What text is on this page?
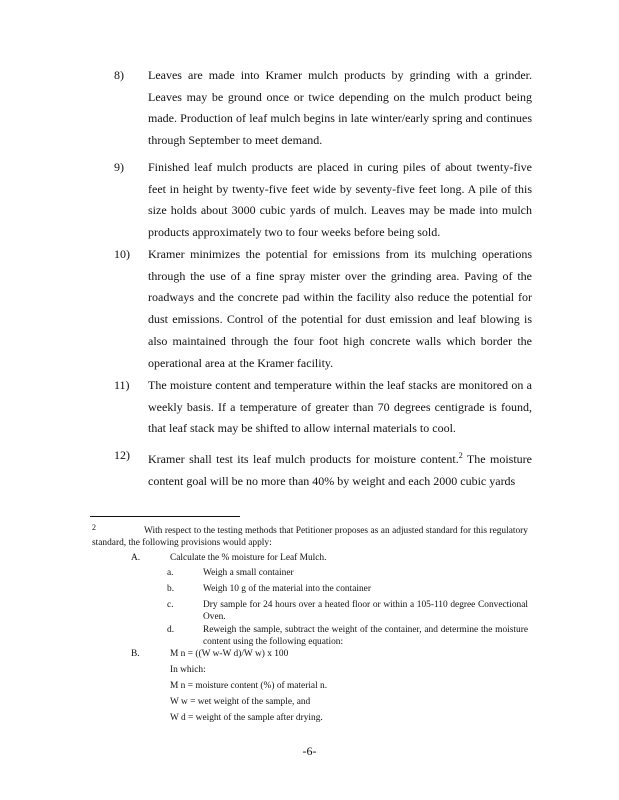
8)	Leaves are made into Kramer mulch products by grinding with a grinder. Leaves may be ground once or twice depending on the mulch product being made. Production of leaf mulch begins in late winter/early spring and continues through September to meet demand.
9)	Finished leaf mulch products are placed in curing piles of about twenty-five feet in height by twenty-five feet wide by seventy-five feet long. A pile of this size holds about 3000 cubic yards of mulch. Leaves may be made into mulch products approximately two to four weeks before being sold.
10)	Kramer minimizes the potential for emissions from its mulching operations through the use of a fine spray mister over the grinding area. Paving of the roadways and the concrete pad within the facility also reduce the potential for dust emissions. Control of the potential for dust emission and leaf blowing is also maintained through the four foot high concrete walls which border the operational area at the Kramer facility.
11)	The moisture content and temperature within the leaf stacks are monitored on a weekly basis. If a temperature of greater than 70 degrees centigrade is found, that leaf stack may be shifted to allow internal materials to cool.
12)	Kramer shall test its leaf mulch products for moisture content.$^2$ The moisture content goal will be no more than 40% by weight and each 2000 cubic yards
2	With respect to the testing methods that Petitioner proposes as an adjusted standard for this regulatory standard, the following provisions would apply:
A.	Calculate the % moisture for Leaf Mulch.
a.	Weigh a small container
b.	Weigh 10 g of the material into the container
c.	Dry sample for 24 hours over a heated floor or within a 105-110 degree Convectional Oven.
d.	Reweigh the sample, subtract the weight of the container, and determine the moisture content using the following equation:
B.	M n = ((W w-W d)/W w) x 100
In which:
M n = moisture content (%) of material n.
W w = wet weight of the sample, and
W d = weight of the sample after drying.
-6-
